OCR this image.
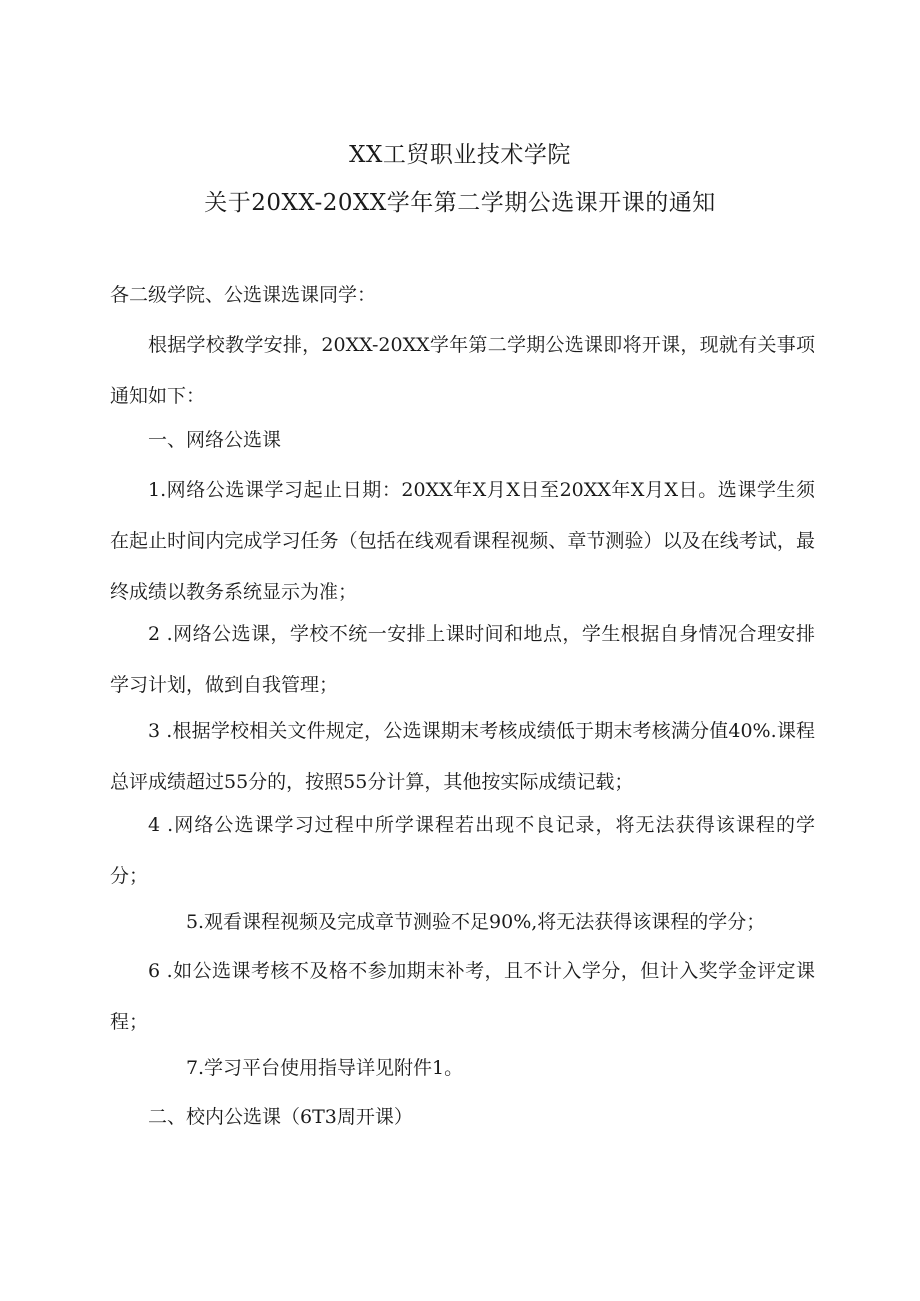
XX工贸职业技术学院
关于20XX-20XX学年第二学期公选课开课的通知
各二级学院、公选课选课同学：
根据学校教学安排，20XX-20XX学年第二学期公选课即将开课，现就有关事项通知如下：
一、网络公选课
1.网络公选课学习起止日期：20XX年X月X日至20XX年X月X日。选课学生须在起止时间内完成学习任务（包括在线观看课程视频、章节测验）以及在线考试，最终成绩以教务系统显示为准；
2 .网络公选课，学校不统一安排上课时间和地点，学生根据自身情况合理安排学习计划，做到自我管理；
3 .根据学校相关文件规定，公选课期末考核成绩低于期末考核满分值40%.课程总评成绩超过55分的，按照55分计算，其他按实际成绩记载；
4 .网络公选课学习过程中所学课程若出现不良记录，将无法获得该课程的学分；
5.观看课程视频及完成章节测验不足90%,将无法获得该课程的学分；
6 .如公选课考核不及格不参加期末补考，且不计入学分，但计入奖学金评定课程；
7.学习平台使用指导详见附件1。
二、校内公选课（6T3周开课）
